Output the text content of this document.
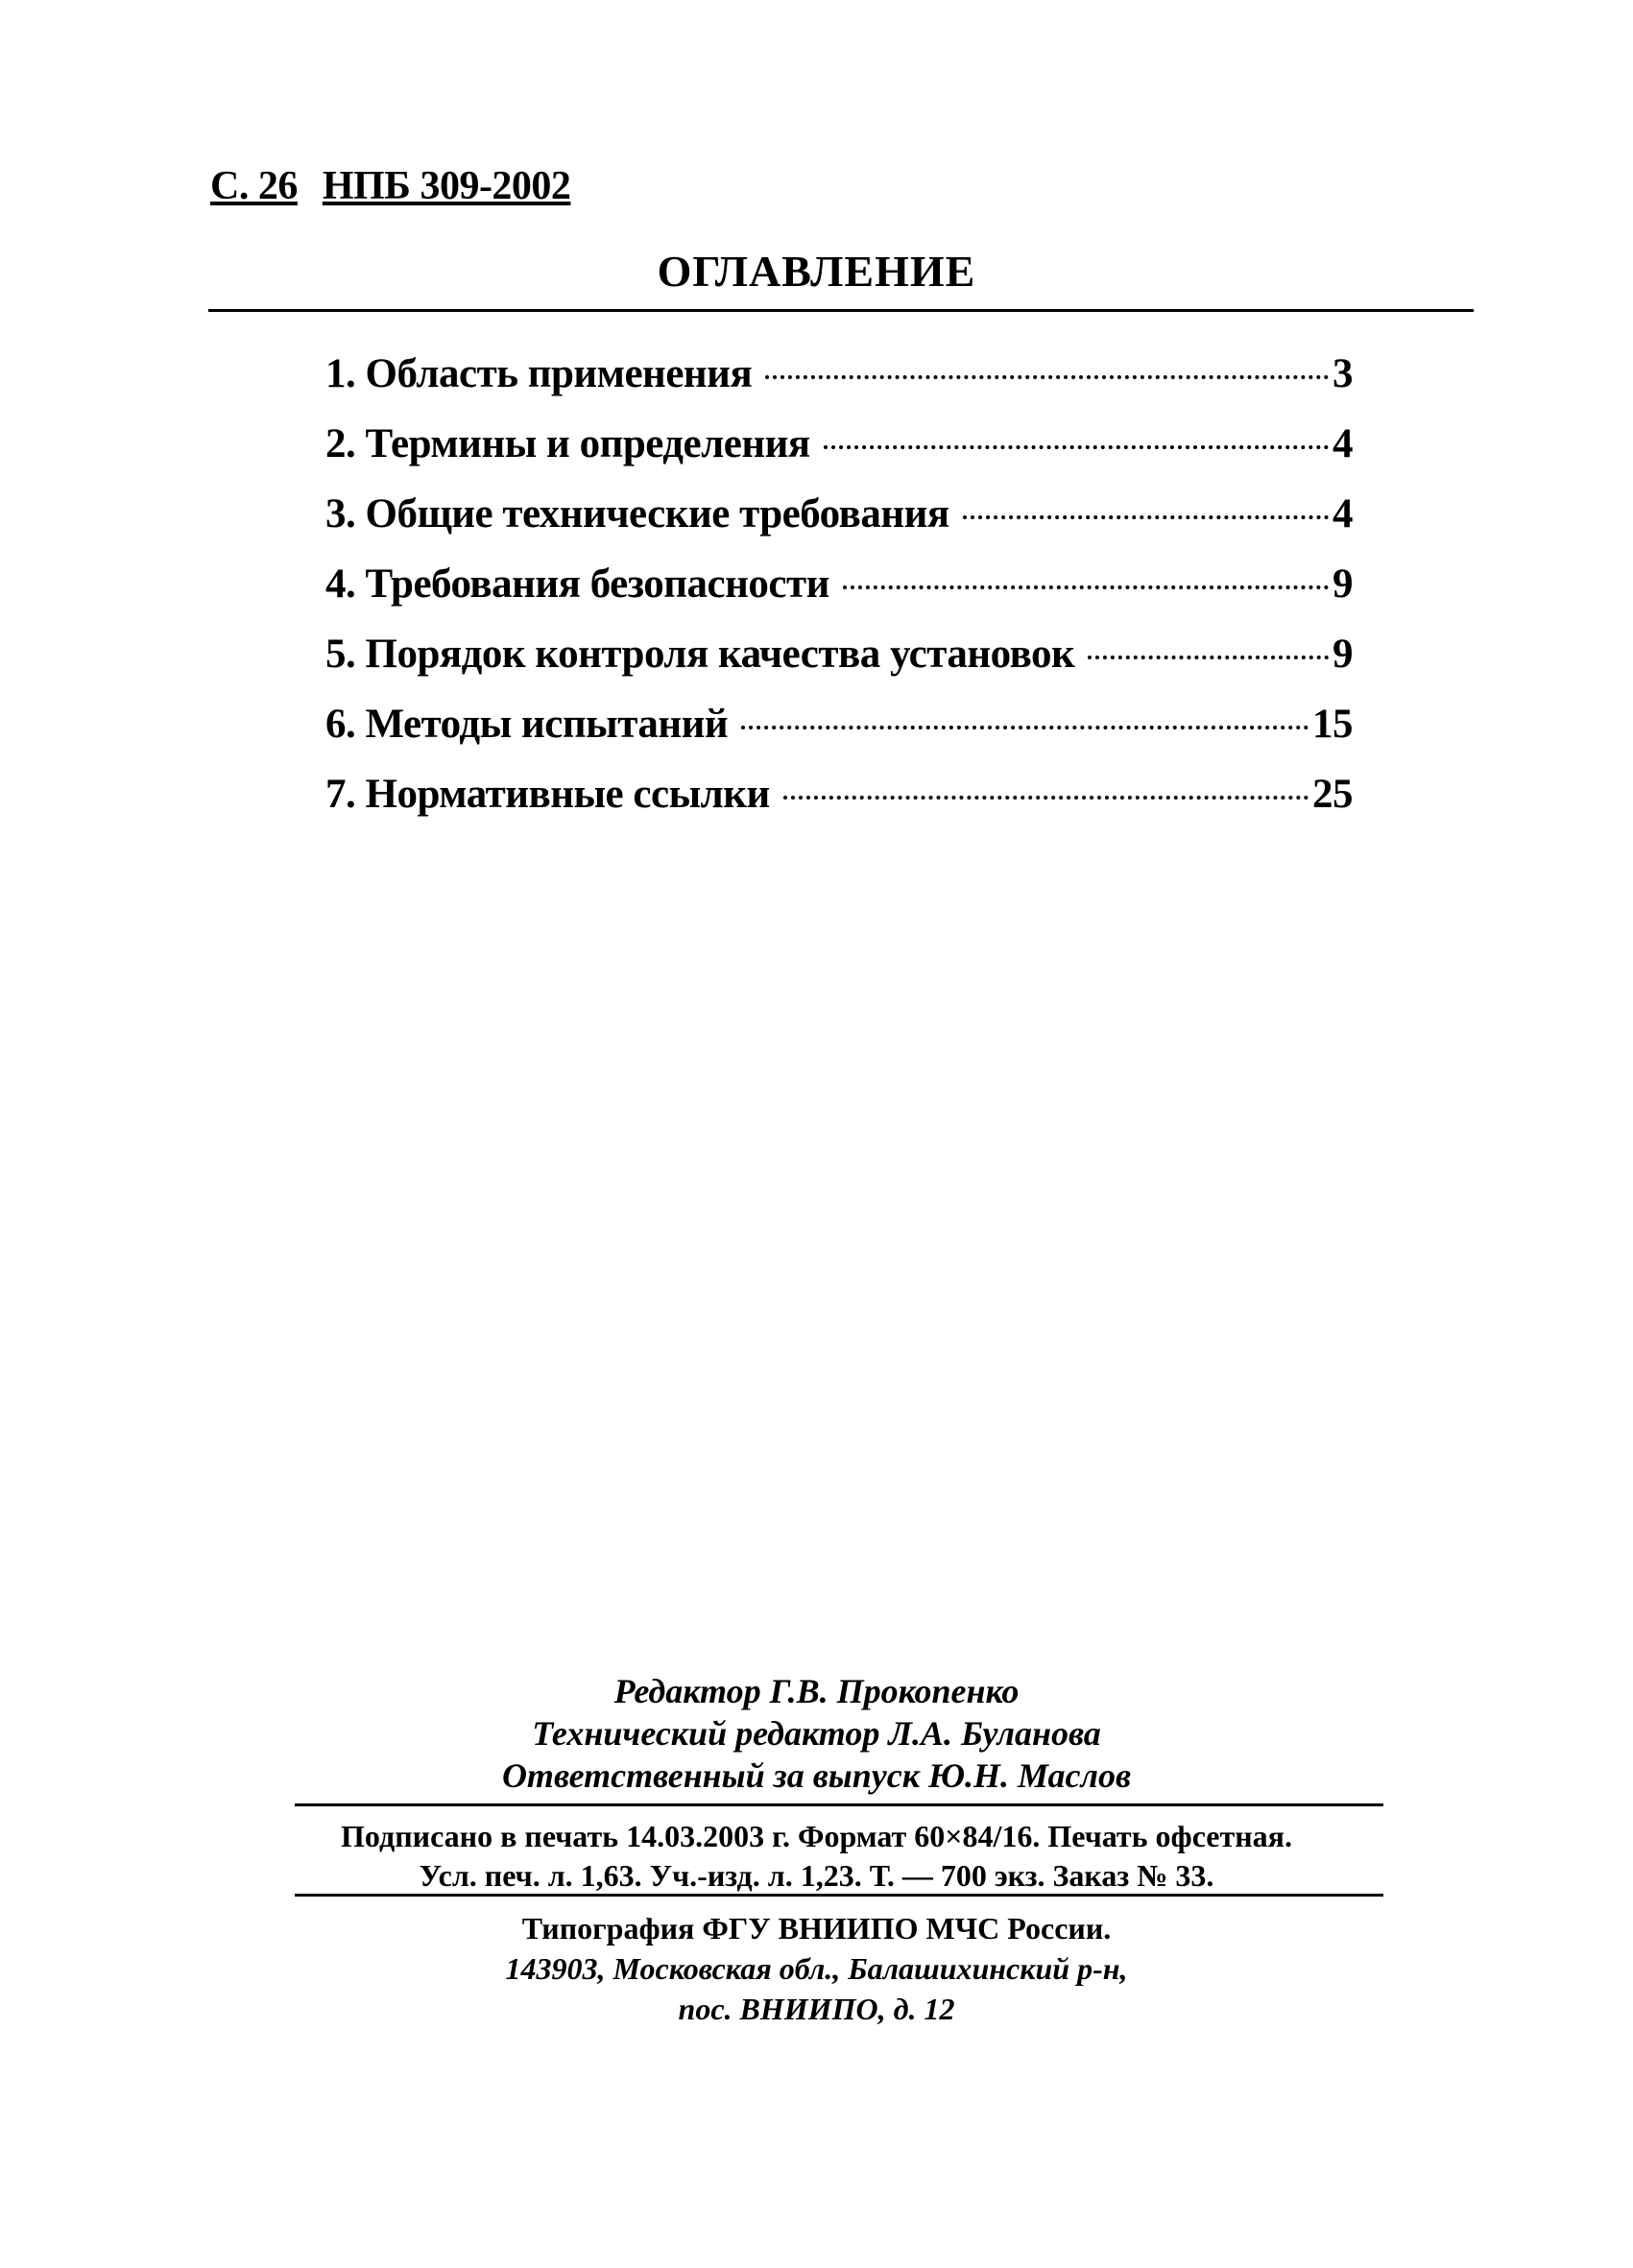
С. 26 НПБ 309-2002
ОГЛАВЛЕНИЕ
1. Область применения	3
2. Термины и определения	4
3. Общие технические требования	4
4. Требования безопасности	9
5. Порядок контроля качества установок	9
6. Методы испытаний	15
7. Нормативные ссылки	25
Редактор Г.В. Прокопенко
Технический редактор Л.А. Буланова
Ответственный за выпуск Ю.Н. Маслов
Подписано в печать 14.03.2003 г. Формат 60×84/16. Печать офсетная.
Усл. печ. л. 1,63. Уч.-изд. л. 1,23. Т. — 700 экз. Заказ № 33.
Типография ФГУ ВНИИПО МЧС России.
143903, Московская обл., Балашихинский р-н,
пос. ВНИИПО, д. 12
